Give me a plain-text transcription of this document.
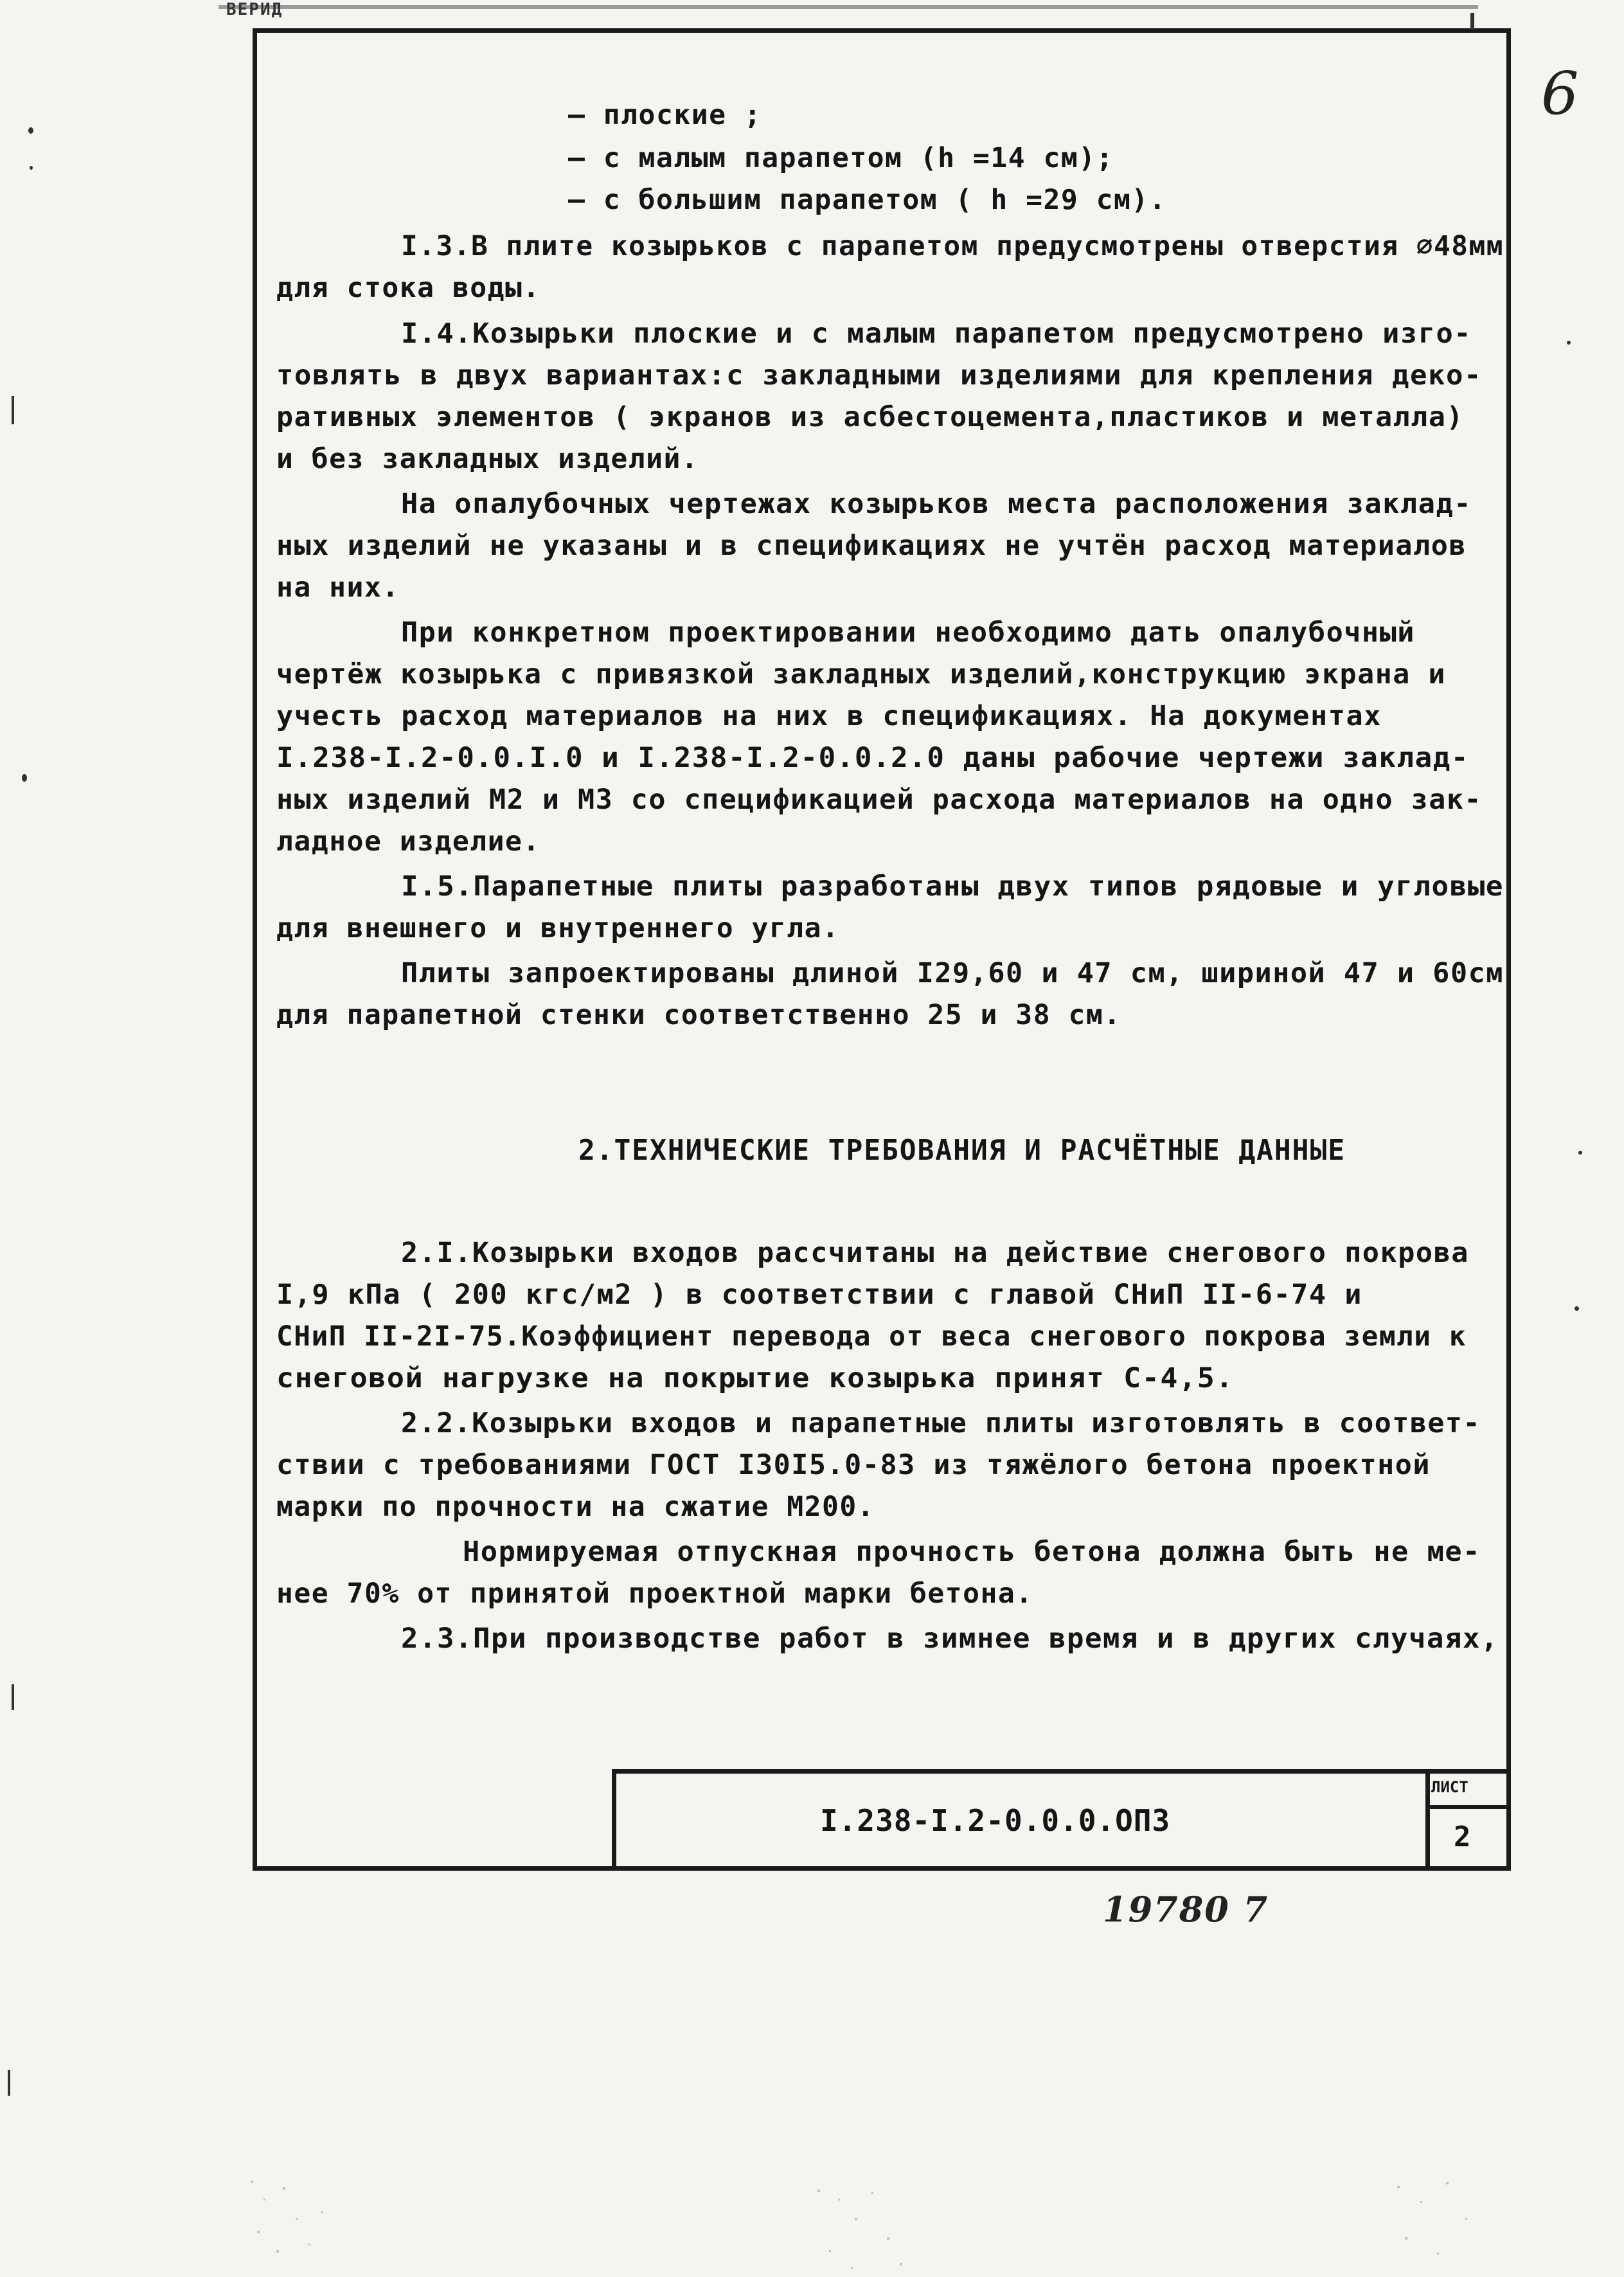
ВЕРИД
6
– плоские ;
– с малым парапетом (h =14 см);
– с большим парапетом ( h =29 см).
I.3.В плите козырьков с парапетом предусмотрены отверстия ∅48мм
для стока воды.
I.4.Козырьки плоские и с малым парапетом предусмотрено изго-
товлять в двух вариантах:с закладными изделиями для крепления деко-
ративных элементов ( экранов из асбестоцемента,пластиков и металла)
и без закладных изделий.
На опалубочных чертежах козырьков места расположения заклад-
ных изделий не указаны и в спецификациях не учтён расход материалов
на них.
При конкретном проектировании необходимо дать опалубочный
чертёж козырька с привязкой закладных изделий,конструкцию экрана и
учесть расход материалов на них в спецификациях. На документах
I.238-I.2-0.0.I.0 и I.238-I.2-0.0.2.0 даны рабочие чертежи заклад-
ных изделий М2 и М3 со спецификацией расхода материалов на одно зак-
ладное изделие.
I.5.Парапетные плиты разработаны двух типов рядовые и угловые
для внешнего и внутреннего угла.
Плиты запроектированы длиной I29,60 и 47 см, шириной 47 и 60см
для парапетной стенки соответственно 25 и 38 см.
2.ТЕХНИЧЕСКИЕ ТРЕБОВАНИЯ И РАСЧЁТНЫЕ ДАННЫЕ
2.I.Козырьки входов рассчитаны на действие снегового покрова
I,9 кПа ( 200 кгс/м2 ) в соответствии с главой СНиП II-6-74 и
СНиП II-2I-75.Коэффициент перевода от веса снегового покрова земли к
снеговой нагрузке на покрытие козырька принят С-4,5.
2.2.Козырьки входов и парапетные плиты изготовлять в соответ-
ствии с требованиями ГОСТ I30I5.0-83 из тяжёлого бетона проектной
марки по прочности на сжатие М200.
Нормируемая отпускная прочность бетона должна быть не ме-
нее 70% от принятой проектной марки бетона.
2.3.При производстве работ в зимнее время и в других случаях,
I.238-I.2-0.0.0.ОПЗ
ЛИСТ
2
19780 7
